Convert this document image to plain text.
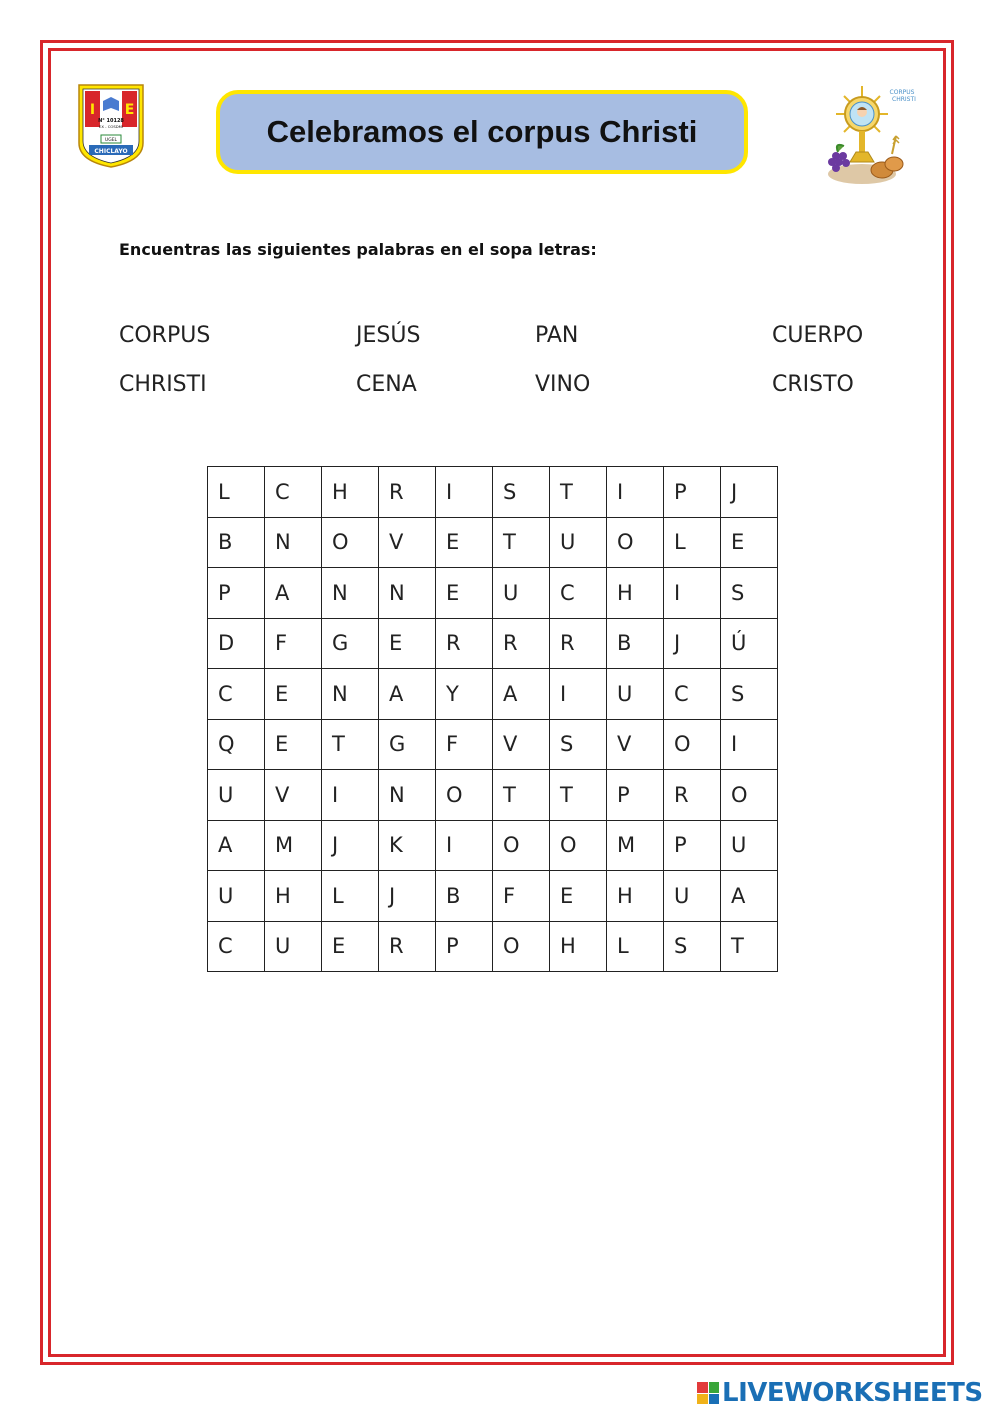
I E
N° 10128
EX - COSDMI
UGEL
CHICLAYO
Celebramos el corpus Christi
CORPUS
CHRISTI
Encuentras las siguientes palabras en el sopa letras:
CORPUS	JESÚS	PAN	CUERPO
CHRISTI	CENA	VINO	CRISTO
L	C	H	R	I	S	T	I	P	J
B	N	O	V	E	T	U	O	L	E
P	A	N	N	E	U	C	H	I	S
D	F	G	E	R	R	R	B	J	Ú
C	E	N	A	Y	A	I	U	C	S
Q	E	T	G	F	V	S	V	O	I
U	V	I	N	O	T	T	P	R	O
A	M	J	K	I	O	O	M	P	U
U	H	L	J	B	F	E	H	U	A
C	U	E	R	P	O	H	L	S	T
LIVEWORKSHEETS
